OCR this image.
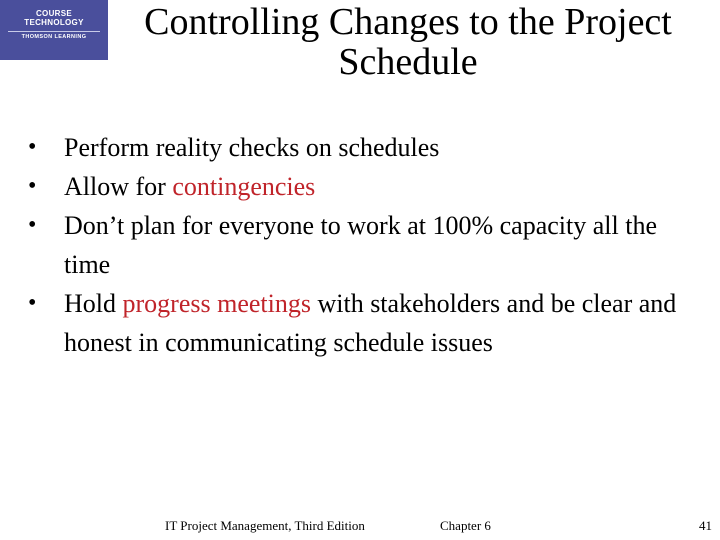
COURSE
TECHNOLOGY
THOMSON LEARNING	Controlling Changes to the Project
Schedule
• Perform reality checks on schedules
• Allow for contingencies
• Don’t plan for everyone to work at 100% capacity all the time
• Hold progress meetings with stakeholders and be clear and honest in communicating schedule issues
IT Project Management, Third Edition	Chapter 6	41
